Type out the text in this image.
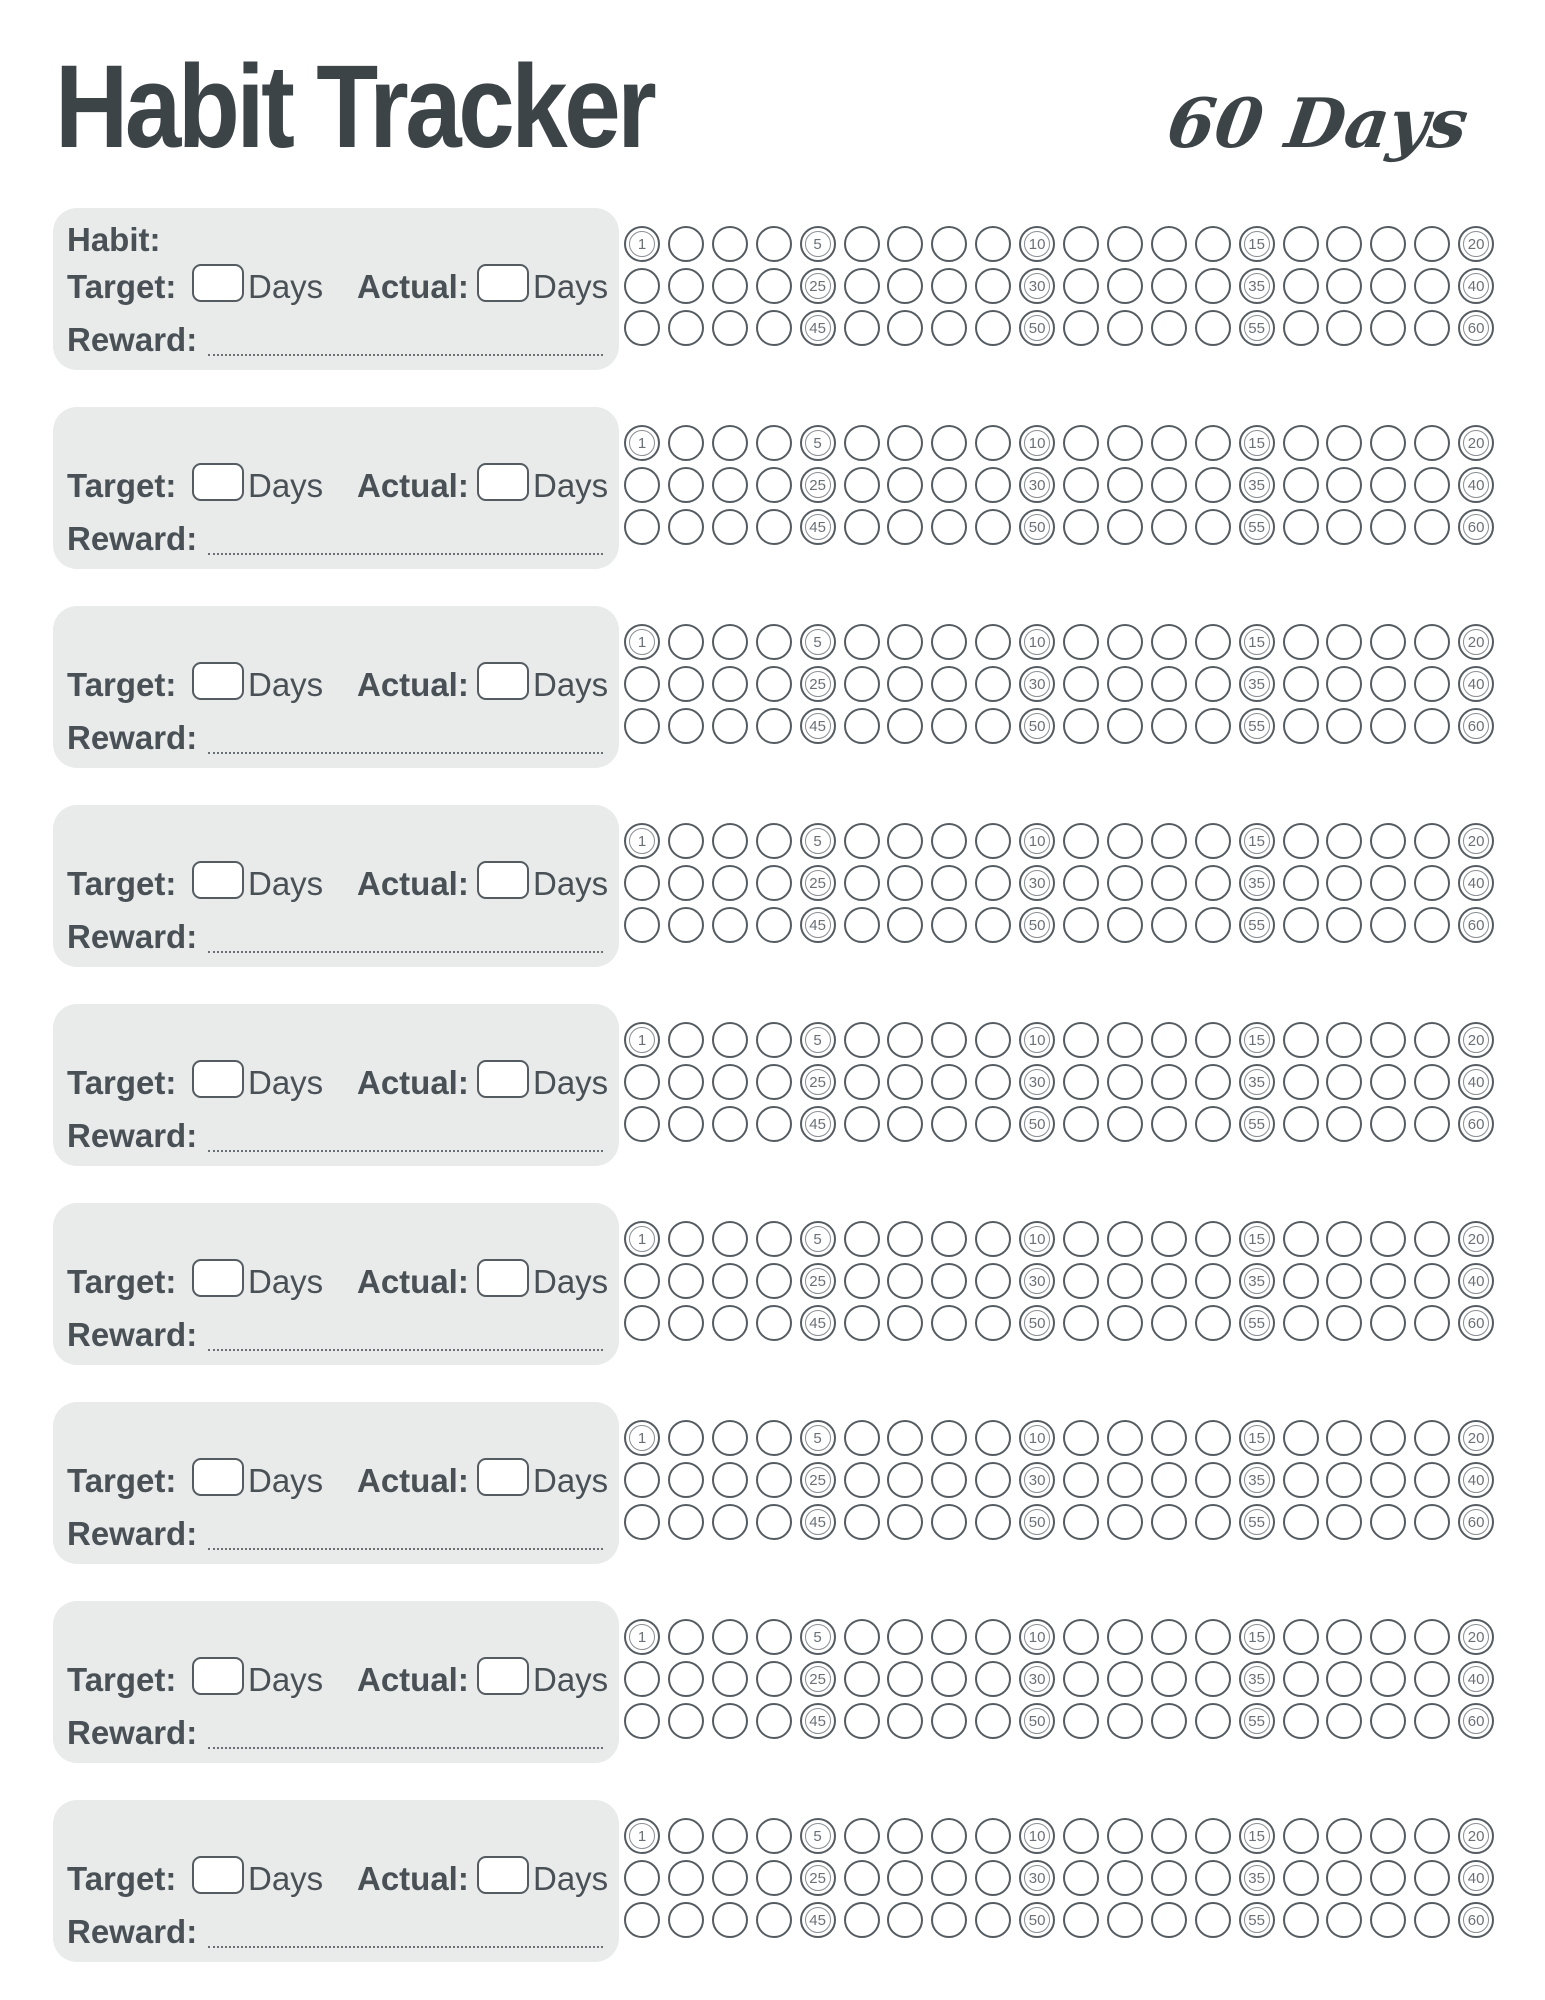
Habit Tracker	60 Days
Habit:
Target: Days Actual: Days
Reward:
1	5	10	15	20
25	30	35	40
45	50	55	60
Target: Days Actual: Days
Reward:
1	5	10	15	20
25	30	35	40
45	50	55	60
Target: Days Actual: Days
Reward:
1	5	10	15	20
25	30	35	40
45	50	55	60
Target: Days Actual: Days
Reward:
1	5	10	15	20
25	30	35	40
45	50	55	60
Target: Days Actual: Days
Reward:
1	5	10	15	20
25	30	35	40
45	50	55	60
Target: Days Actual: Days
Reward:
1	5	10	15	20
25	30	35	40
45	50	55	60
Target: Days Actual: Days
Reward:
1	5	10	15	20
25	30	35	40
45	50	55	60
Target: Days Actual: Days
Reward:
1	5	10	15	20
25	30	35	40
45	50	55	60
Target: Days Actual: Days
Reward:
1	5	10	15	20
25	30	35	40
45	50	55	60
